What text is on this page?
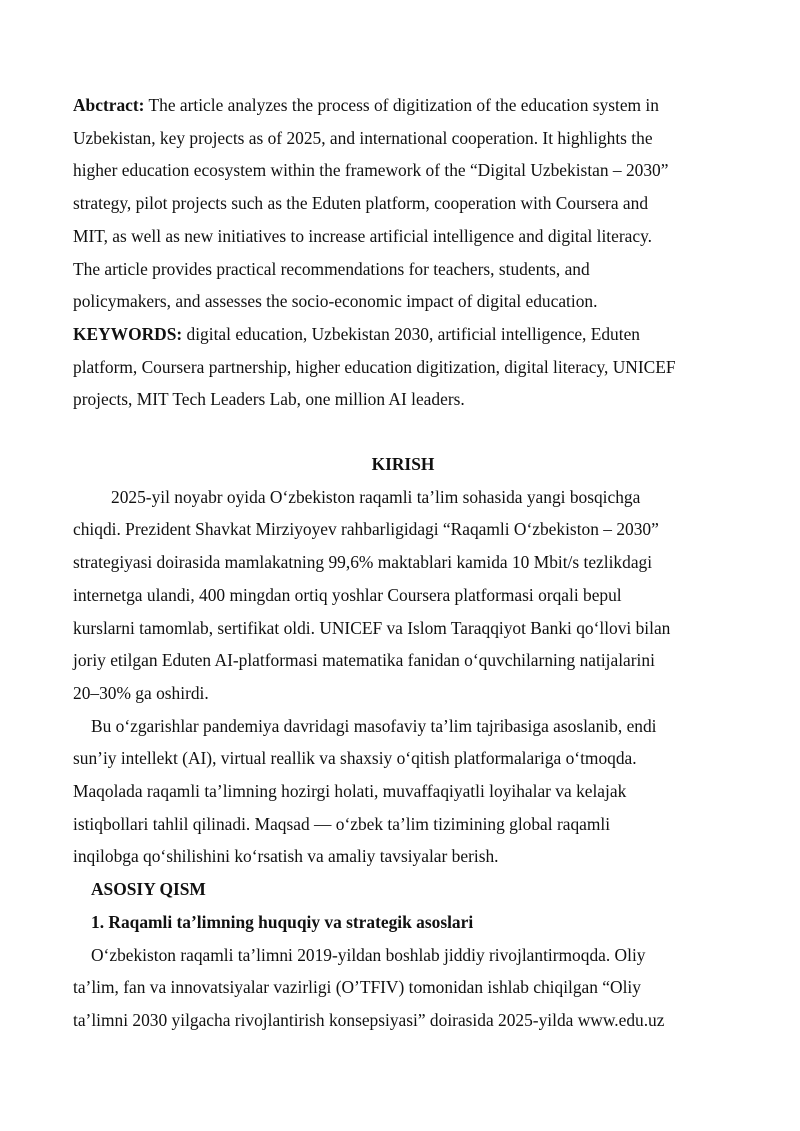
Abctract: The article analyzes the process of digitization of the education system in
Uzbekistan, key projects as of 2025, and international cooperation. It highlights the
higher education ecosystem within the framework of the “Digital Uzbekistan – 2030”
strategy, pilot projects such as the Eduten platform, cooperation with Coursera and
MIT, as well as new initiatives to increase artificial intelligence and digital literacy.
The article provides practical recommendations for teachers, students, and
policymakers, and assesses the socio-economic impact of digital education.
KEYWORDS: digital education, Uzbekistan 2030, artificial intelligence, Eduten
platform, Coursera partnership, higher education digitization, digital literacy, UNICEF
projects, MIT Tech Leaders Lab, one million AI leaders.
KIRISH
2025-yil noyabr oyida O‘zbekiston raqamli ta’lim sohasida yangi bosqichga
chiqdi. Prezident Shavkat Mirziyoyev rahbarligidagi “Raqamli O‘zbekiston – 2030”
strategiyasi doirasida mamlakatning 99,6% maktablari kamida 10 Mbit/s tezlikdagi
internetga ulandi, 400 mingdan ortiq yoshlar Coursera platformasi orqali bepul
kurslarni tamomlab, sertifikat oldi. UNICEF va Islom Taraqqiyot Banki qo‘llovi bilan
joriy etilgan Eduten AI-platformasi matematika fanidan o‘quvchilarning natijalarini
20–30% ga oshirdi.
Bu o‘zgarishlar pandemiya davridagi masofaviy ta’lim tajribasiga asoslanib, endi
sun’iy intellekt (AI), virtual reallik va shaxsiy o‘qitish platformalariga o‘tmoqda.
Maqolada raqamli ta’limning hozirgi holati, muvaffaqiyatli loyihalar va kelajak
istiqbollari tahlil qilinadi. Maqsad — o‘zbek ta’lim tizimining global raqamli
inqilobga qo‘shilishini ko‘rsatish va amaliy tavsiyalar berish.
ASOSIY QISM
1. Raqamli ta’limning huquqiy va strategik asoslari
O‘zbekiston raqamli ta’limni 2019-yildan boshlab jiddiy rivojlantirmoqda. Oliy
ta’lim, fan va innovatsiyalar vazirligi (O’TFIV) tomonidan ishlab chiqilgan “Oliy
ta’limni 2030 yilgacha rivojlantirish konsepsiyasi” doirasida 2025-yilda www.edu.uz
